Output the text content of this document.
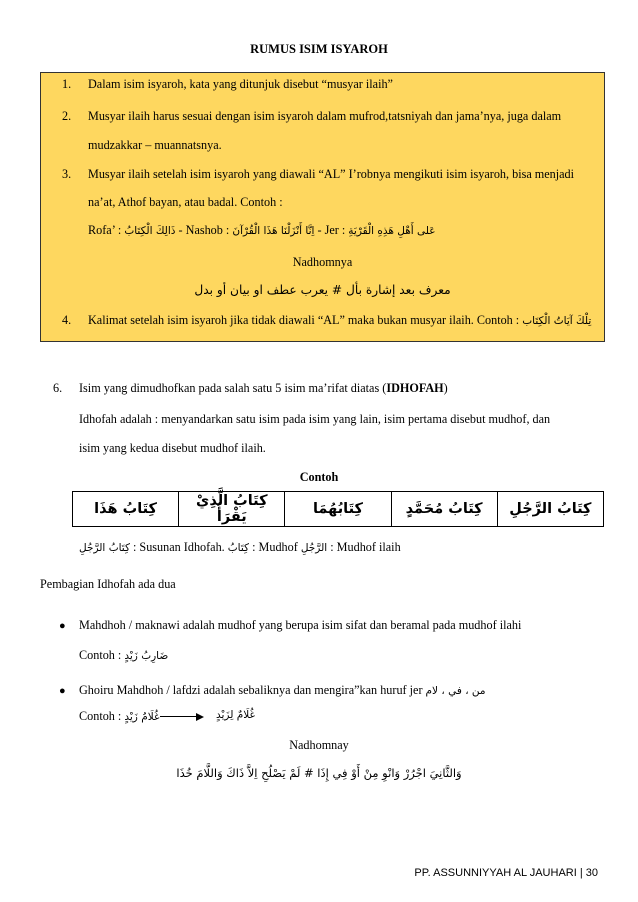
RUMUS ISIM ISYAROH
1. Dalam isim isyaroh, kata yang ditunjuk disebut “musyar ilaih”
2. Musyar ilaih harus sesuai dengan isim isyaroh dalam mufrod,tatsniyah dan jama’nya, juga dalam
mudzakkar – muannatsnya.
3. Musyar ilaih setelah isim isyaroh yang diawali “AL” I’robnya mengikuti isim isyaroh, bisa menjadi
na’at, Athof bayan, atau badal. Contoh :
Rofa’ : ذَالِكَ الْكِتَابُ - Nashob : اِنَّا أَنْزَلْنَا هَذَا الْقُرْآنَ - Jer : عَلى أَهْلِ هَذِهِ الْقَرْيَةِ
Nadhomnya
معرف بعد إشارة بأل # يعرب عطف او بيان أو بدل
4. Kalimat setelah isim isyaroh jika tidak diawali “AL” maka bukan musyar ilaih. Contoh : تِلْكَ آيَاتُ الْكِتَاب
6. Isim yang dimudhofkan pada salah satu 5 isim ma’rifat diatas (IDHOFAH)
Idhofah adalah : menyandarkan satu isim pada isim yang lain, isim pertama disebut mudhof, dan
isim yang kedua disebut mudhof ilaih.
Contoh
كِتَابُ هَذَا	كِتَابُ الَّذِيْ يَقْرَأُ	كِتَابُهُمَا	كِتَابُ مُحَمَّدٍ	كِتَابُ الرَّجُلِ
كِتَابُ الرَّجُلِ : Susunan Idhofah. كِتَابُ : Mudhof الرَّجُلِ : Mudhof ilaih
Pembagian Idhofah ada dua
● Mahdhoh / maknawi adalah mudhof yang berupa isim sifat dan beramal pada mudhof ilahi
Contoh : ضَارِبُ زَيْدٍ
● Ghoiru Mahdhoh / lafdzi adalah sebaliknya dan mengira”kan huruf jer من ، في ، لام
Contoh : غُلَامُ زَيْدٍ	غُلَامٌ لِزَيْدٍ
Nadhomnay
وَالثَّانِيَ اجْرُرْ وَانْوِ مِنْ أَوْ فِي إِذَا # لَمْ يَصْلُحِ اِلاَّ ذَاكَ وَاللَّامَ خُذَا
PP. ASSUNNIYYAH AL JAUHARI | 30
